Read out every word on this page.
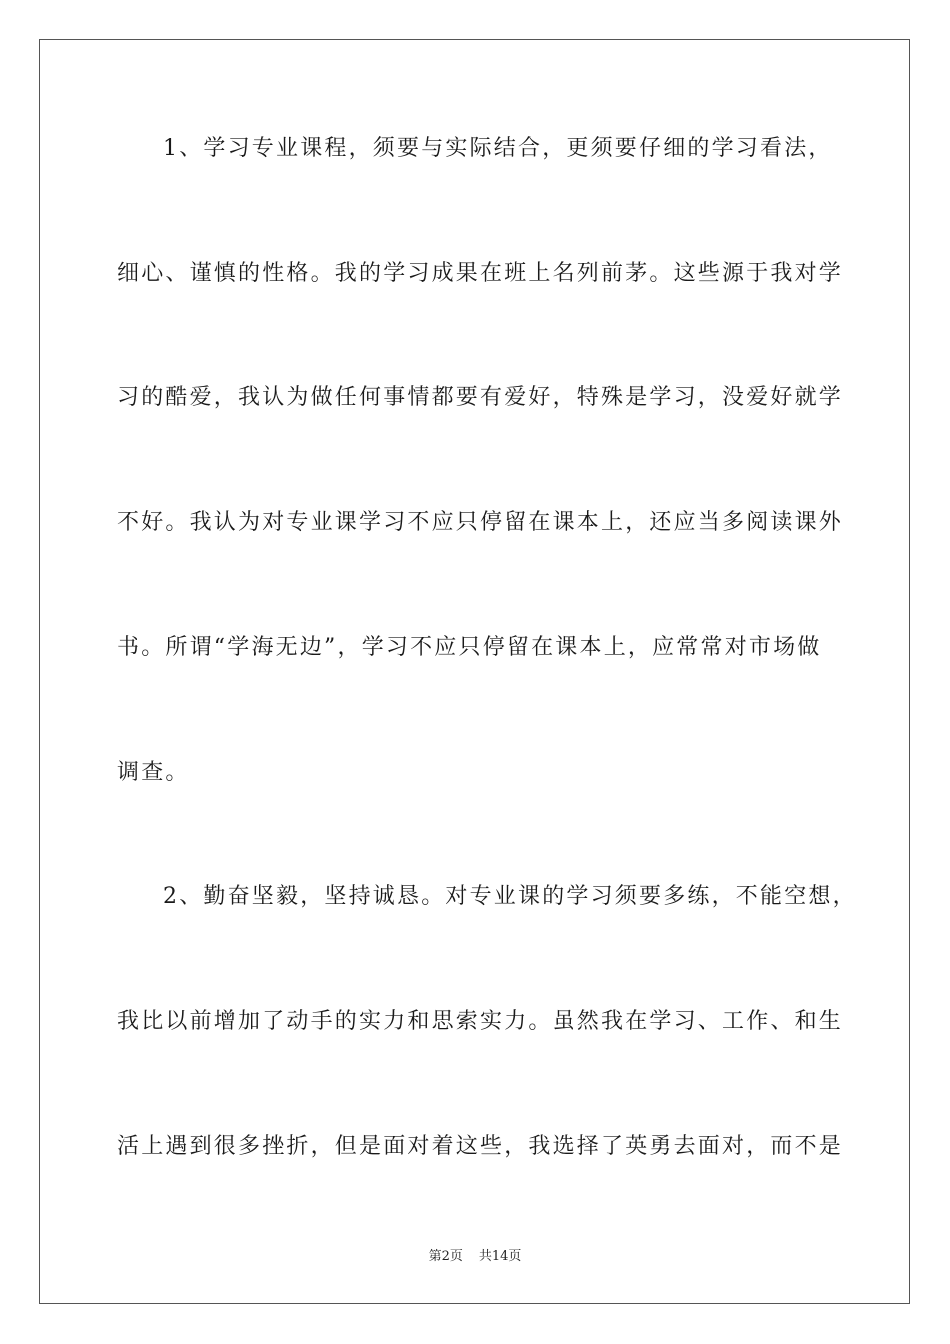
1、学习专业课程，须要与实际结合，更须要仔细的学习看法，
细心、谨慎的性格。我的学习成果在班上名列前茅。这些源于我对学
习的酷爱，我认为做任何事情都要有爱好，特殊是学习，没爱好就学
不好。我认为对专业课学习不应只停留在课本上，还应当多阅读课外
书。所谓“学海无边”，学习不应只停留在课本上，应常常对市场做
调查。
2、勤奋坚毅，坚持诚恳。对专业课的学习须要多练，不能空想，
我比以前增加了动手的实力和思索实力。虽然我在学习、工作、和生
活上遇到很多挫折，但是面对着这些，我选择了英勇去面对，而不是
第2页 共14页
